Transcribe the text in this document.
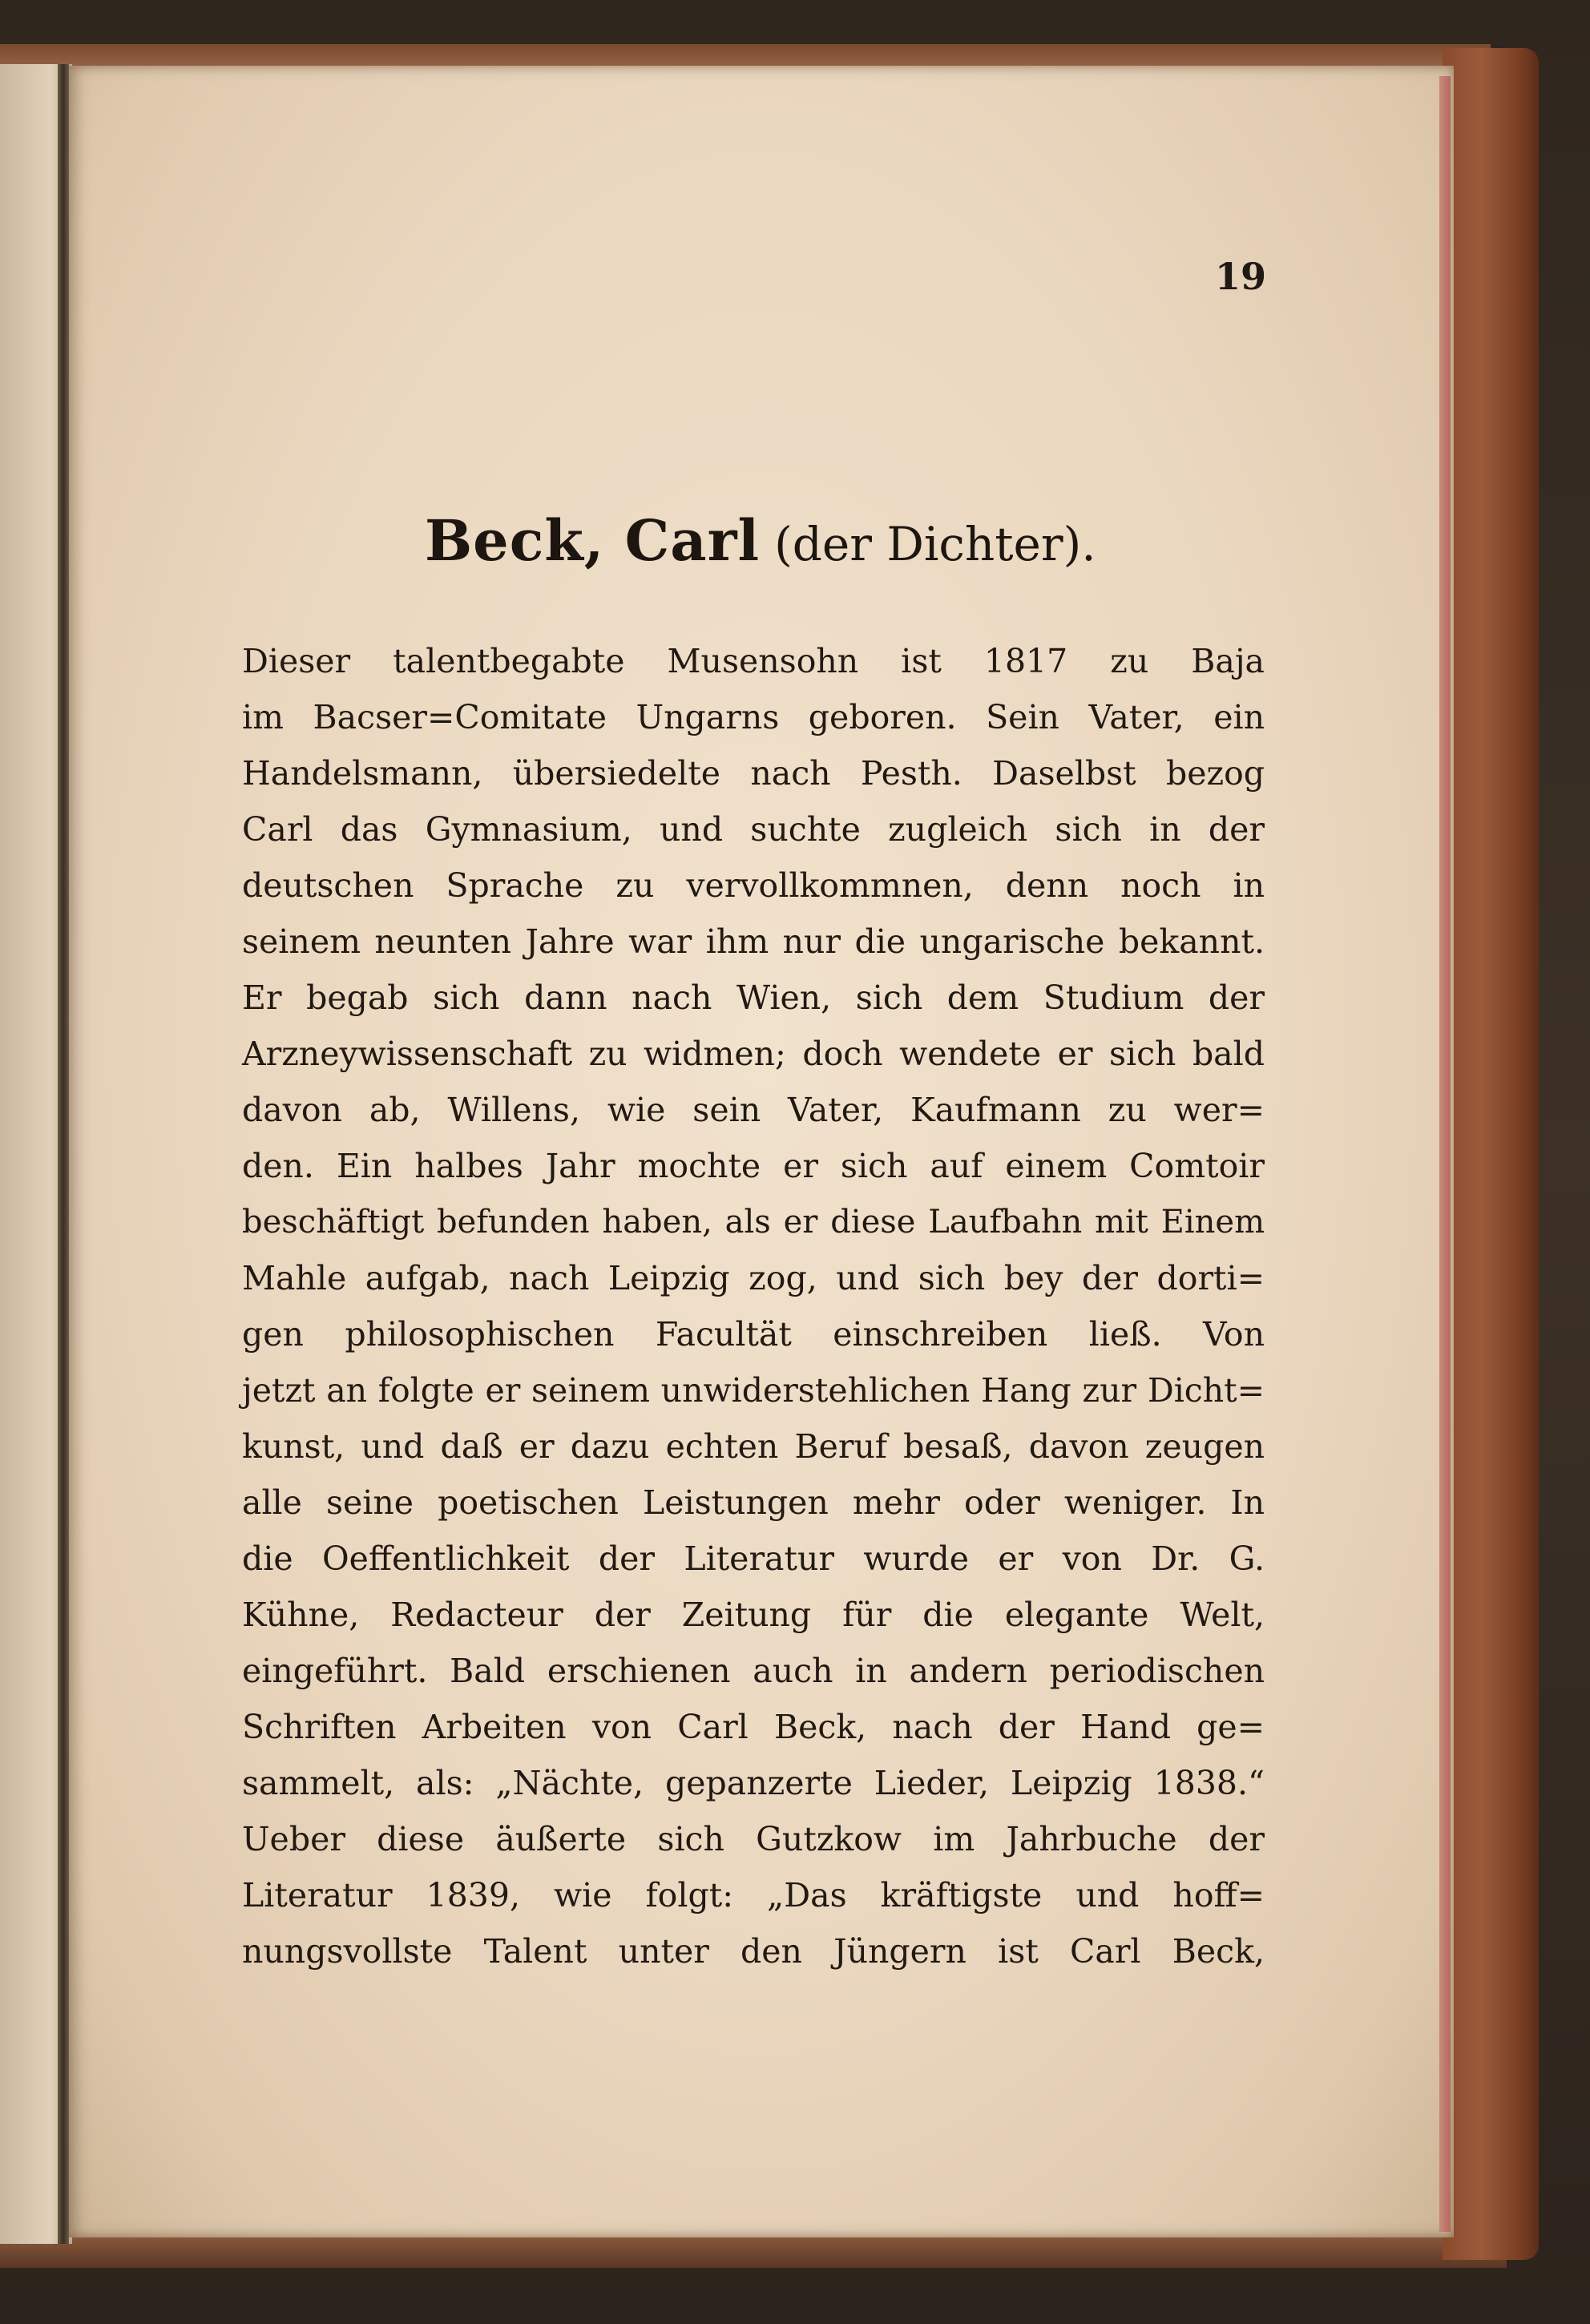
19
Beck, Carl (der Dichter).
Dieser talentbegabte Musensohn ist 1817 zu Baja
im Bacser=Comitate Ungarns geboren. Sein Vater, ein
Handelsmann, übersiedelte nach Pesth. Daselbst bezog
Carl das Gymnasium, und suchte zugleich sich in der
deutschen Sprache zu vervollkommnen, denn noch in
seinem neunten Jahre war ihm nur die ungarische bekannt.
Er begab sich dann nach Wien, sich dem Studium der
Arzneywissenschaft zu widmen; doch wendete er sich bald
davon ab, Willens, wie sein Vater, Kaufmann zu wer=
den. Ein halbes Jahr mochte er sich auf einem Comtoir
beschäftigt befunden haben, als er diese Laufbahn mit Einem
Mahle aufgab, nach Leipzig zog, und sich bey der dorti=
gen philosophischen Facultät einschreiben ließ. Von
jetzt an folgte er seinem unwiderstehlichen Hang zur Dicht=
kunst, und daß er dazu echten Beruf besaß, davon zeugen
alle seine poetischen Leistungen mehr oder weniger. In
die Oeffentlichkeit der Literatur wurde er von Dr. G.
Kühne, Redacteur der Zeitung für die elegante Welt,
eingeführt. Bald erschienen auch in andern periodischen
Schriften Arbeiten von Carl Beck, nach der Hand ge=
sammelt, als: „Nächte, gepanzerte Lieder, Leipzig 1838.“
Ueber diese äußerte sich Gutzkow im Jahrbuche der
Literatur 1839, wie folgt: „Das kräftigste und hoff=
nungsvollste Talent unter den Jüngern ist Carl Beck,
